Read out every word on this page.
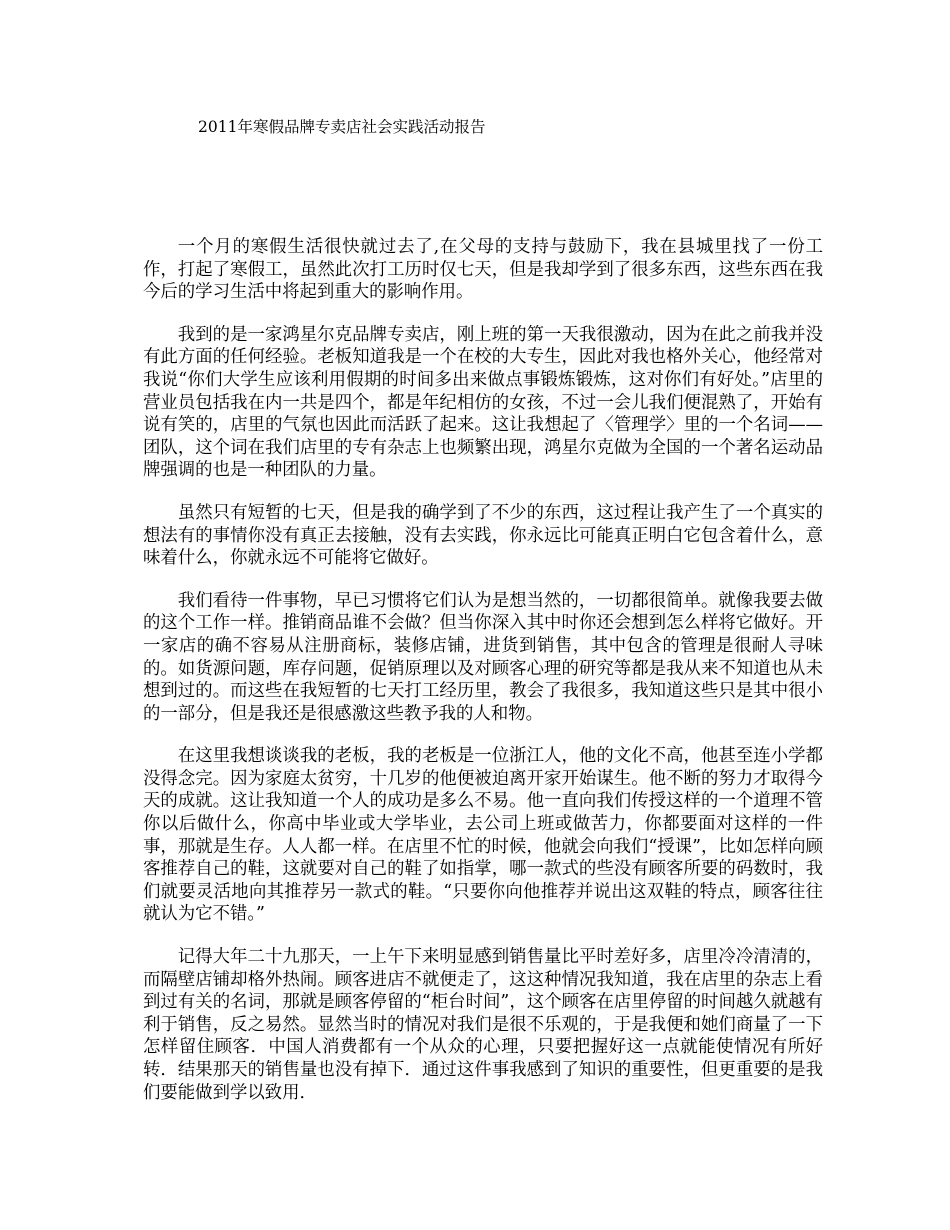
2011年寒假品牌专卖店社会实践活动报告

一个月的寒假生活很快就过去了,在父母的支持与鼓励下，我在县城里找了一份工作，打起了寒假工，虽然此次打工历时仅七天，但是我却学到了很多东西，这些东西在我今后的学习生活中将起到重大的影响作用。

我到的是一家鸿星尔克品牌专卖店，刚上班的第一天我很激动，因为在此之前我并没有此方面的任何经验。老板知道我是一个在校的大专生，因此对我也格外关心，他经常对我说“你们大学生应该利用假期的时间多出来做点事锻炼锻炼，这对你们有好处。”店里的营业员包括我在内一共是四个，都是年纪相仿的女孩，不过一会儿我们便混熟了，开始有说有笑的，店里的气氛也因此而活跃了起来。这让我想起了〈管理学〉里的一个名词——团队，这个词在我们店里的专有杂志上也频繁出现，鸿星尔克做为全国的一个著名运动品牌强调的也是一种团队的力量。

虽然只有短暂的七天，但是我的确学到了不少的东西，这过程让我产生了一个真实的想法有的事情你没有真正去接触，没有去实践，你永远比可能真正明白它包含着什么，意味着什么，你就永远不可能将它做好。

我们看待一件事物，早已习惯将它们认为是想当然的，一切都很简单。就像我要去做的这个工作一样。推销商品谁不会做？但当你深入其中时你还会想到怎么样将它做好。开一家店的确不容易从注册商标，装修店铺，进货到销售，其中包含的管理是很耐人寻味的。如货源问题，库存问题，促销原理以及对顾客心理的研究等都是我从来不知道也从未想到过的。而这些在我短暂的七天打工经历里，教会了我很多，我知道这些只是其中很小的一部分，但是我还是很感激这些教予我的人和物。

在这里我想谈谈我的老板，我的老板是一位浙江人，他的文化不高，他甚至连小学都没得念完。因为家庭太贫穷，十几岁的他便被迫离开家开始谋生。他不断的努力才取得今天的成就。这让我知道一个人的成功是多么不易。他一直向我们传授这样的一个道理不管你以后做什么，你高中毕业或大学毕业，去公司上班或做苦力，你都要面对这样的一件事，那就是生存。人人都一样。在店里不忙的时候，他就会向我们“授课”，比如怎样向顾客推荐自己的鞋，这就要对自己的鞋了如指掌，哪一款式的些没有顾客所要的码数时，我们就要灵活地向其推荐另一款式的鞋。“只要你向他推荐并说出这双鞋的特点，顾客往往就认为它不错。”

记得大年二十九那天，一上午下来明显感到销售量比平时差好多，店里冷冷清清的，而隔壁店铺却格外热闹。顾客进店不就便走了，这这种情况我知道，我在店里的杂志上看到过有关的名词，那就是顾客停留的“柜台时间”，这个顾客在店里停留的时间越久就越有利于销售，反之易然。显然当时的情况对我们是很不乐观的，于是我便和她们商量了一下怎样留住顾客．中国人消费都有一个从众的心理，只要把握好这一点就能使情况有所好转．结果那天的销售量也没有掉下．通过这件事我感到了知识的重要性，但更重要的是我们要能做到学以致用．
